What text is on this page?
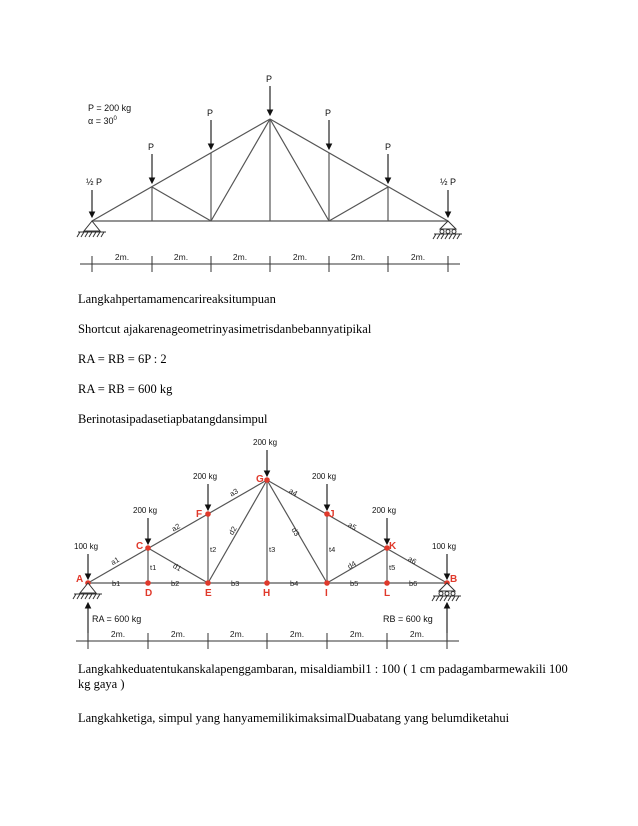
½ P
P
P
P
P
P
½ P
P = 200 kg
$\alpha = 30^0$
2m.	2m.	2m.	2m.	2m.	2m.
Langkahpertamamencarireaksitumpuan
Shortcut ajakarenageometrinyasimetrisdanbebannyatipikal
RA = RB = 6P : 2
RA = RB = 600 kg
Berinotasipadasetiapbatangdansimpul
100 kg
200 kg
200 kg
200 kg
200 kg
200 kg
100 kg
RA = 600 kg	RB = 600 kg
A
C
F
G
J
K
B
D	E	H	I	L
a1
a2
a3	a4
a5
a6
b1	b2	b3	b4	b5	b6
t1
t2	t3	t4
t5
d1
d2	d3
d4
2m.	2m.	2m.	2m.	2m.	2m.
Langkahkeduatentukanskalapenggambaran, misaldiambil1 : 100 ( 1 cm padagambarmewakili 100 kg gaya )
Langkahketiga, simpul yang hanyamemilikimaksimalDuabatang yang belumdiketahui
